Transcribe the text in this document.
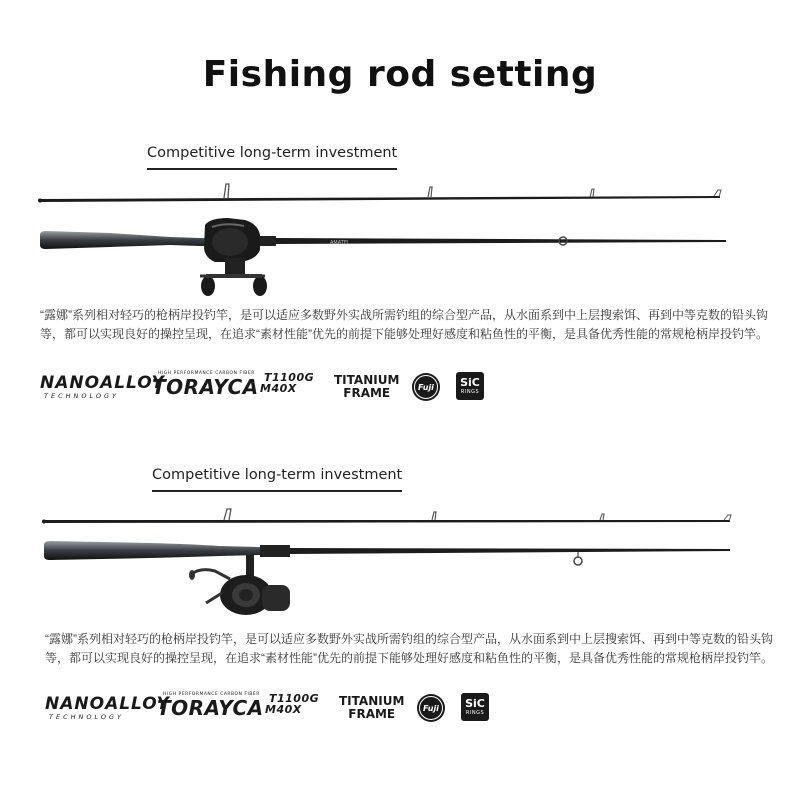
Fishing rod setting
Competitive long-term investment
AMATEI
“露娜”系列相对轻巧的枪柄岸投钓竿，是可以适应多数野外实战所需钓组的综合型产品，从水面系到中上层搜索饵、再到中等克数的铅头钩等，都可以实现良好的操控呈现，在追求“素材性能”优先的前提下能够处理好感度和粘鱼性的平衡，是具备优秀性能的常规枪柄岸投钓竿。
NANOALLOY
TECHNOLOGY
HIGH PERFORMANCE CARBON FIBER
TORAYCA T1100G
M40X
TITANIUM
FRAME	Fuji	SiC
RINGS
Competitive long-term investment
“露娜”系列相对轻巧的枪柄岸投钓竿，是可以适应多数野外实战所需钓组的综合型产品，从水面系到中上层搜索饵、再到中等克数的铅头钩等，都可以实现良好的操控呈现，在追求“素材性能”优先的前提下能够处理好感度和粘鱼性的平衡，是具备优秀性能的常规枪柄岸投钓竿。
NANOALLOY
TECHNOLOGY
HIGH PERFORMANCE CARBON FIBER
TORAYCA T1100G
M40X
TITANIUM
FRAME	Fuji	SiC
RINGS
